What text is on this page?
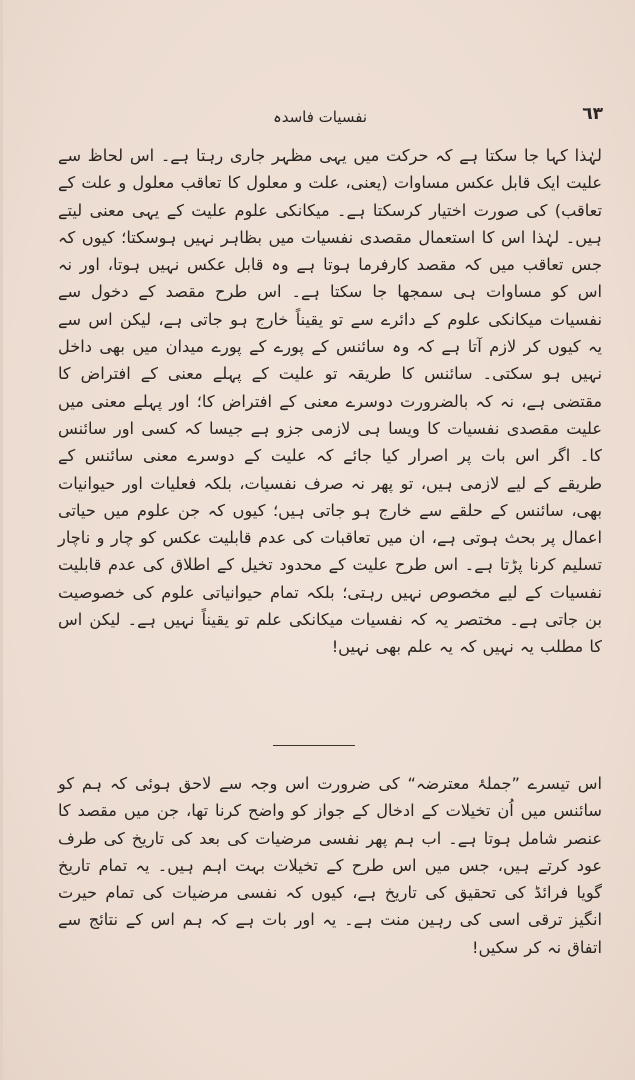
نفسیات فاسدہ	٦٣

لہٰذا کہا جا سکتا ہے کہ حرکت میں یہی مظہر جاری رہتا ہے۔ اس لحاظ سے علیت ایک قابل عکس مساوات (یعنی، علت و معلول کا تعاقب معلول و علت کے تعاقب) کی صورت اختیار کرسکتا ہے۔ میکانکی علوم علیت کے یہی معنی لیتے ہیں۔ لہٰذا اس کا استعمال مقصدی نفسیات میں بظاہر نہیں ہوسکتا؛ کیوں کہ جس تعاقب میں کہ مقصد کارفرما ہوتا ہے وہ قابل عکس نہیں ہوتا، اور نہ اس کو مساوات ہی سمجھا جا سکتا ہے۔ اس طرح مقصد کے دخول سے نفسیات میکانکی علوم کے دائرے سے تو یقیناً خارج ہو جاتی ہے، لیکن اس سے یہ کیوں کر لازم آتا ہے کہ وہ سائنس کے پورے کے پورے میدان میں بھی داخل نہیں ہو سکتی۔ سائنس کا طریقہ تو علیت کے پہلے معنی کے افتراض کا مقتضی ہے، نہ کہ بالضرورت دوسرے معنی کے افتراض کا؛ اور پہلے معنی میں علیت مقصدی نفسیات کا ویسا ہی لازمی جزو ہے جیسا کہ کسی اور سائنس کا۔ اگر اس بات پر اصرار کیا جائے کہ علیت کے دوسرے معنی سائنس کے طریقے کے لیے لازمی ہیں، تو پھر نہ صرف نفسیات، بلکہ فعلیات اور حیوانیات بھی، سائنس کے حلقے سے خارج ہو جاتی ہیں؛ کیوں کہ جن علوم میں حیاتی اعمال پر بحث ہوتی ہے، ان میں تعاقبات کی عدم قابلیت عکس کو چار و ناچار تسلیم کرنا پڑتا ہے۔ اس طرح علیت کے محدود تخیل کے اطلاق کی عدم قابلیت نفسیات کے لیے مخصوص نہیں رہتی؛ بلکہ تمام حیوانیاتی علوم کی خصوصیت بن جاتی ہے۔ مختصر یہ کہ نفسیات میکانکی علم تو یقیناً نہیں ہے۔ لیکن اس کا مطلب یہ نہیں کہ یہ علم بھی نہیں!

اس تیسرے ”جملۂ معترضہ“ کی ضرورت اس وجہ سے لاحق ہوئی کہ ہم کو سائنس میں اُن تخیلات کے ادخال کے جواز کو واضح کرنا تھا، جن میں مقصد کا عنصر شامل ہوتا ہے۔ اب ہم پھر نفسی مرضیات کی بعد کی تاریخ کی طرف عود کرتے ہیں، جس میں اس طرح کے تخیلات بہت اہم ہیں۔ یہ تمام تاریخ گویا فرائڈ کی تحقیق کی تاریخ ہے، کیوں کہ نفسی مرضیات کی تمام حیرت انگیز ترقی اسی کی رہین منت ہے۔ یہ اور بات ہے کہ ہم اس کے نتائج سے اتفاق نہ کر سکیں!
